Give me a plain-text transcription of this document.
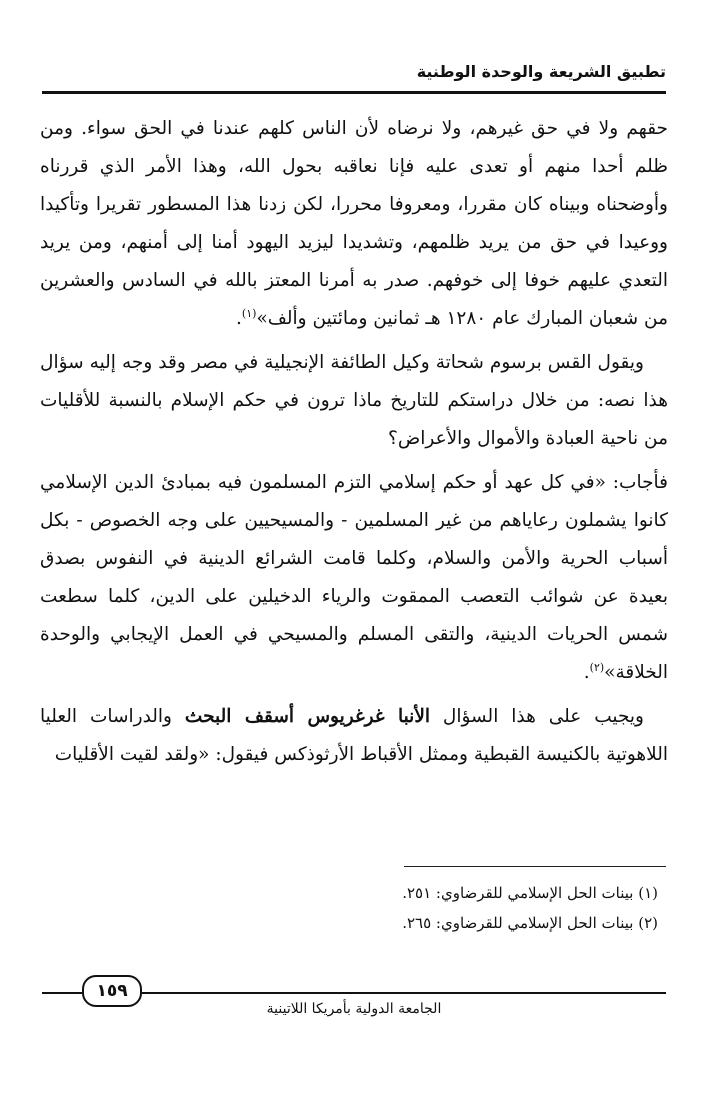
تطبيق الشريعة والوحدة الوطنية

حقهم ولا في حق غيرهم، ولا نرضاه لأن الناس كلهم عندنا في الحق سواء. ومن ظلم أحدا منهم أو تعدى عليه فإنا نعاقبه بحول الله، وهذا الأمر الذي قررناه وأوضحناه وبيناه كان مقررا، ومعروفا محررا، لكن زدنا هذا المسطور تقريرا وتأكيدا ووعيدا في حق من يريد ظلمهم، وتشديدا ليزيد اليهود أمنا إلى أمنهم، ومن يريد التعدي عليهم خوفا إلى خوفهم. صدر به أمرنا المعتز بالله في السادس والعشرين من شعبان المبارك عام ١٢٨٠ هـ ثمانين ومائتين وألف»$^{(١)}$.

ويقول القس برسوم شحاتة وكيل الطائفة الإنجيلية في مصر وقد وجه إليه سؤال هذا نصه: من خلال دراستكم للتاريخ ماذا ترون في حكم الإسلام بالنسبة للأقليات من ناحية العبادة والأموال والأعراض؟

فأجاب: «في كل عهد أو حكم إسلامي التزم المسلمون فيه بمبادئ الدين الإسلامي كانوا يشملون رعاياهم من غير المسلمين - والمسيحيين على وجه الخصوص - بكل أسباب الحرية والأمن والسلام، وكلما قامت الشرائع الدينية في النفوس بصدق بعيدة عن شوائب التعصب الممقوت والرياء الدخيلين على الدين، كلما سطعت شمس الحريات الدينية، والتقى المسلم والمسيحي في العمل الإيجابي والوحدة الخلاقة»$^{(٢)}$.

ويجيب على هذا السؤال الأنبا غرغريوس أسقف البحث والدراسات العليا اللاهوتية بالكنيسة القبطية وممثل الأقباط الأرثوذكس فيقول: «ولقد لقيت الأقليات

(١) بينات الحل الإسلامي للقرضاوي: ٢٥١.

(٢) بينات الحل الإسلامي للقرضاوي: ٢٦٥.

١٥٩
الجامعة الدولية بأمريكا اللاتينية
